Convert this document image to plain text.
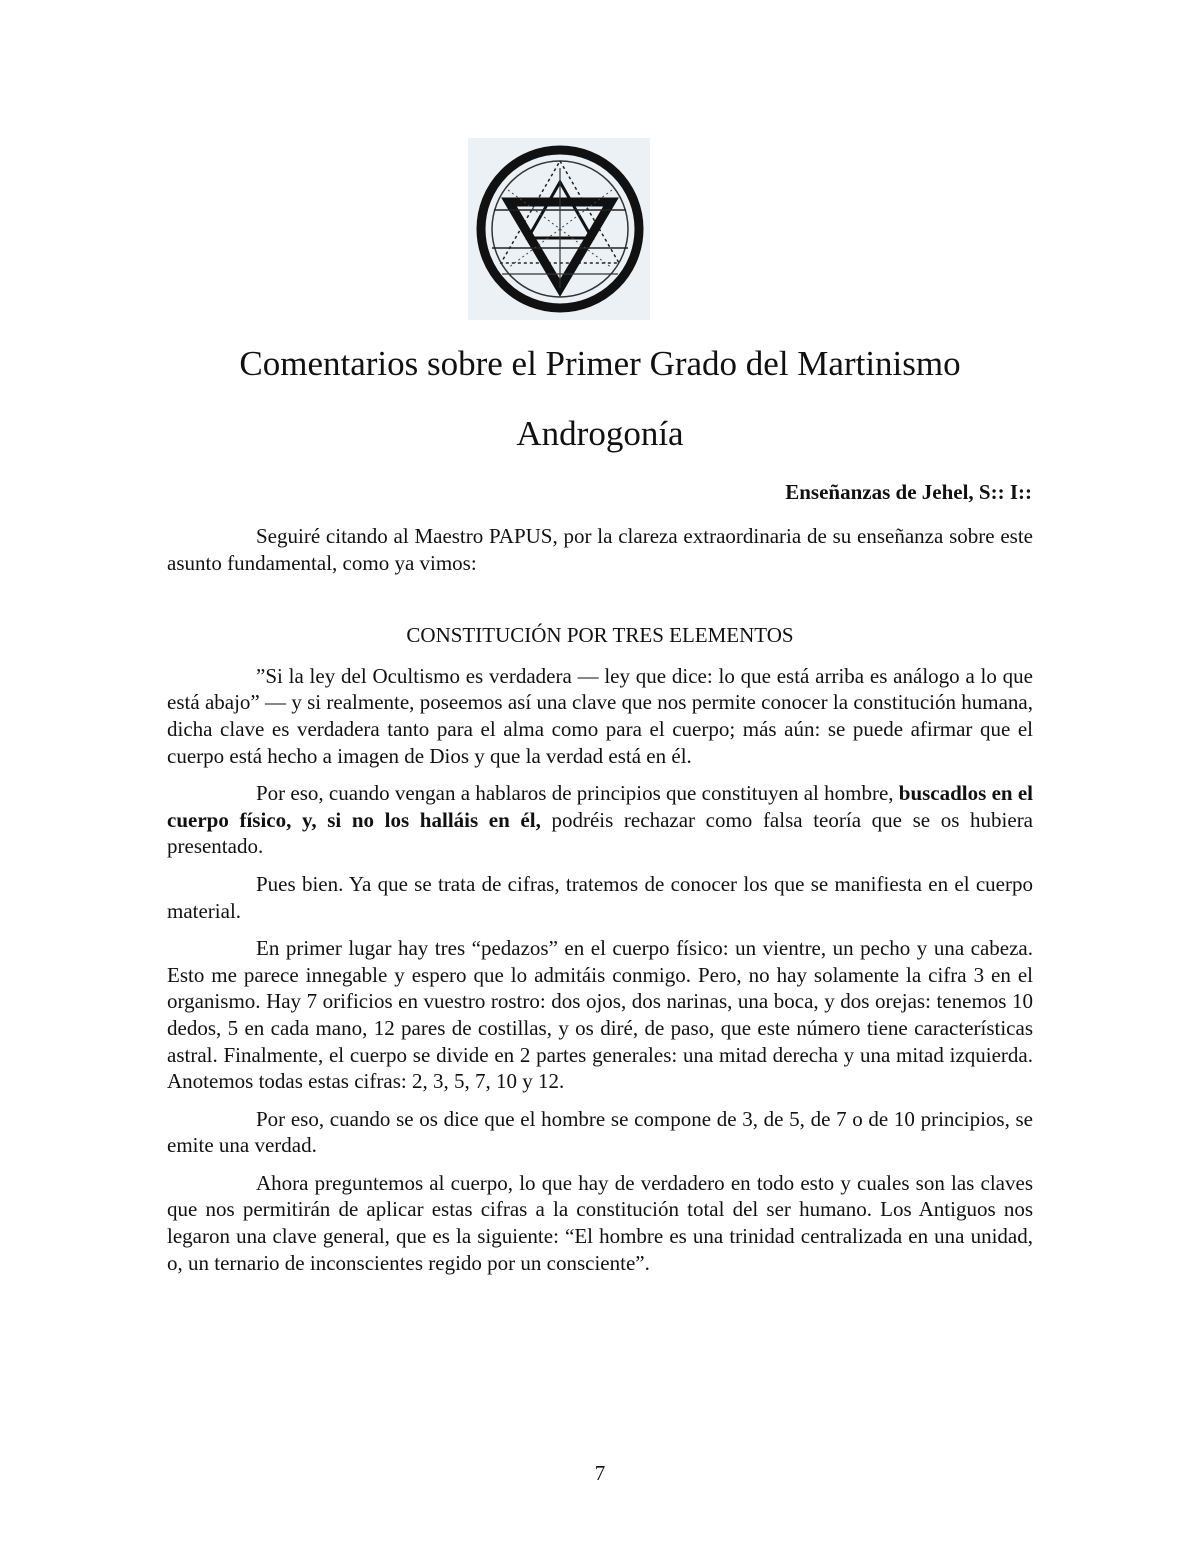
Comentarios sobre el Primer Grado del Martinismo
Androgonía
Enseñanzas de Jehel, S:: I::

Seguiré citando al Maestro PAPUS, por la clareza extraordinaria de su enseñanza sobre este asunto fundamental, como ya vimos:

CONSTITUCIÓN POR TRES ELEMENTOS

”Si la ley del Ocultismo es verdadera — ley que dice: lo que está arriba es análogo a lo que está abajo” — y si realmente, poseemos así una clave que nos permite conocer la constitución humana, dicha clave es verdadera tanto para el alma como para el cuerpo; más aún: se puede afirmar que el cuerpo está hecho a imagen de Dios y que la verdad está en él.

Por eso, cuando vengan a hablaros de principios que constituyen al hombre, buscadlos en el cuerpo físico, y, si no los halláis en él, podréis rechazar como falsa teoría que se os hubiera presentado.

Pues bien. Ya que se trata de cifras, tratemos de conocer los que se manifiesta en el cuerpo material.

En primer lugar hay tres “pedazos” en el cuerpo físico: un vientre, un pecho y una cabeza. Esto me parece innegable y espero que lo admitáis conmigo. Pero, no hay solamente la cifra 3 en el organismo. Hay 7 orificios en vuestro rostro: dos ojos, dos narinas, una boca, y dos orejas: tenemos 10 dedos, 5 en cada mano, 12 pares de costillas, y os diré, de paso, que este número tiene características astral. Finalmente, el cuerpo se divide en 2 partes generales: una mitad derecha y una mitad izquierda. Anotemos todas estas cifras: 2, 3, 5, 7, 10 y 12.

Por eso, cuando se os dice que el hombre se compone de 3, de 5, de 7 o de 10 principios, se emite una verdad.

Ahora preguntemos al cuerpo, lo que hay de verdadero en todo esto y cuales son las claves que nos permitirán de aplicar estas cifras a la constitución total del ser humano. Los Antiguos nos legaron una clave general, que es la siguiente: “El hombre es una trinidad centralizada en una unidad, o, un ternario de inconscientes regido por un consciente”.

7
